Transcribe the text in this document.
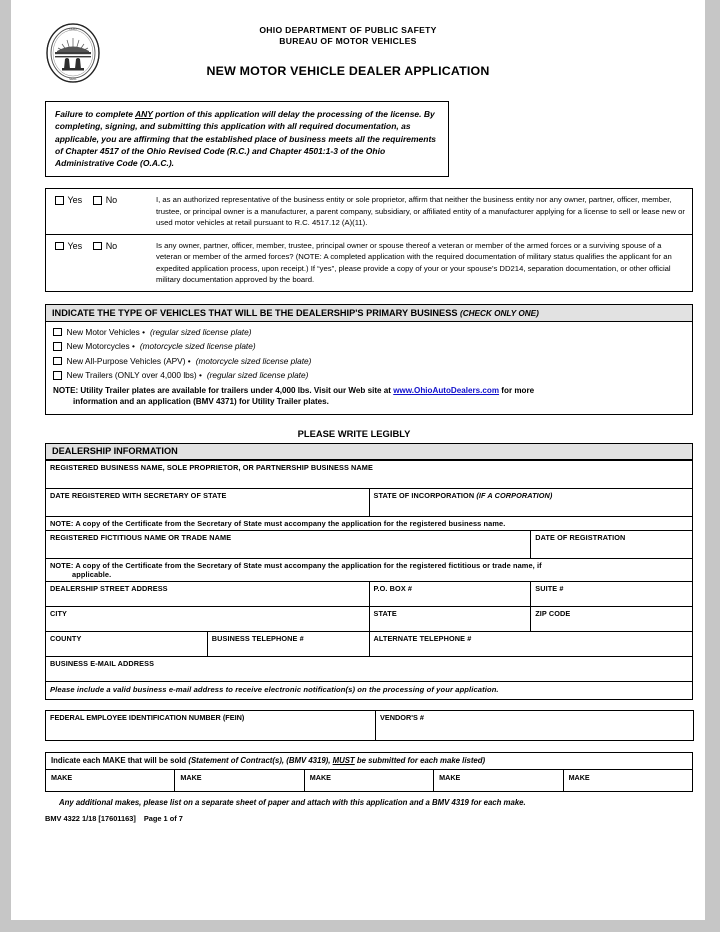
OHIO
SEAL
OHIO DEPARTMENT OF PUBLIC SAFETY
BUREAU OF MOTOR VEHICLES
NEW MOTOR VEHICLE DEALER APPLICATION

Failure to complete ANY portion of this application will delay the processing of the license. By completing, signing, and submitting this application with all required documentation, as applicable, you are affirming that the established place of business meets all the requirements of Chapter 4517 of the Ohio Revised Code (R.C.) and Chapter 4501:1-3 of the Ohio Administrative Code (O.A.C.).

Yes	No	I, as an authorized representative of the business entity or sole proprietor, affirm that neither the business entity nor any owner, partner, officer, member, trustee, or principal owner is a manufacturer, a parent company, subsidiary, or affiliated entity of a manufacturer applying for a license to sell or lease new or used motor vehicles at retail pursuant to R.C. 4517.12 (A)(11).
Yes	No	Is any owner, partner, officer, member, trustee, principal owner or spouse thereof a veteran or member of the armed forces or a surviving spouse of a veteran or member of the armed forces? (NOTE: A completed application with the required documentation of military status qualifies the applicant for an expedited application process, upon receipt.) If “yes”, please provide a copy of your or your spouse’s DD214, separation documentation, or other official military documentation approved by the board.
INDICATE THE TYPE OF VEHICLES THAT WILL BE THE DEALERSHIP'S PRIMARY BUSINESS (CHECK ONLY ONE)
New Motor Vehicles • (regular sized license plate)
New Motorcycles • (motorcycle sized license plate)
New All-Purpose Vehicles (APV) • (motorcycle sized license plate)
New Trailers (ONLY over 4,000 lbs) • (regular sized license plate)
NOTE: Utility Trailer plates are available for trailers under 4,000 lbs. Visit our Web site at www.OhioAutoDealers.com for more
information and an application (BMV 4371) for Utility Trailer plates.
PLEASE WRITE LEGIBLY
DEALERSHIP INFORMATION
REGISTERED BUSINESS NAME, SOLE PROPRIETOR, OR PARTNERSHIP BUSINESS NAME			
DATE REGISTERED WITH SECRETARY OF STATE		STATE OF INCORPORATION (IF A CORPORATION)	
NOTE: A copy of the Certificate from the Secretary of State must accompany the application for the registered business name.			
REGISTERED FICTITIOUS NAME OR TRADE NAME			DATE OF REGISTRATION
NOTE: A copy of the Certificate from the Secretary of State must accompany the application for the registered fictitious or trade name, if
applicable.			

DEALERSHIP STREET ADDRESS		P.O. BOX #	SUITE #
CITY		STATE	ZIP CODE
COUNTY	BUSINESS TELEPHONE #	ALTERNATE TELEPHONE #	
BUSINESS E-MAIL ADDRESS			
Please include a valid business e-mail address to receive electronic notification(s) on the processing of your application.			
FEDERAL EMPLOYEE IDENTIFICATION NUMBER (FEIN)	VENDOR'S #
Indicate each MAKE that will be sold (Statement of Contract(s), (BMV 4319), MUST be submitted for each make listed)
MAKE	MAKE	MAKE	MAKE	MAKE
Any additional makes, please list on a separate sheet of paper and attach with this application and a BMV 4319 for each make.
BMV 4322 1/18 [17601163] Page 1 of 7
